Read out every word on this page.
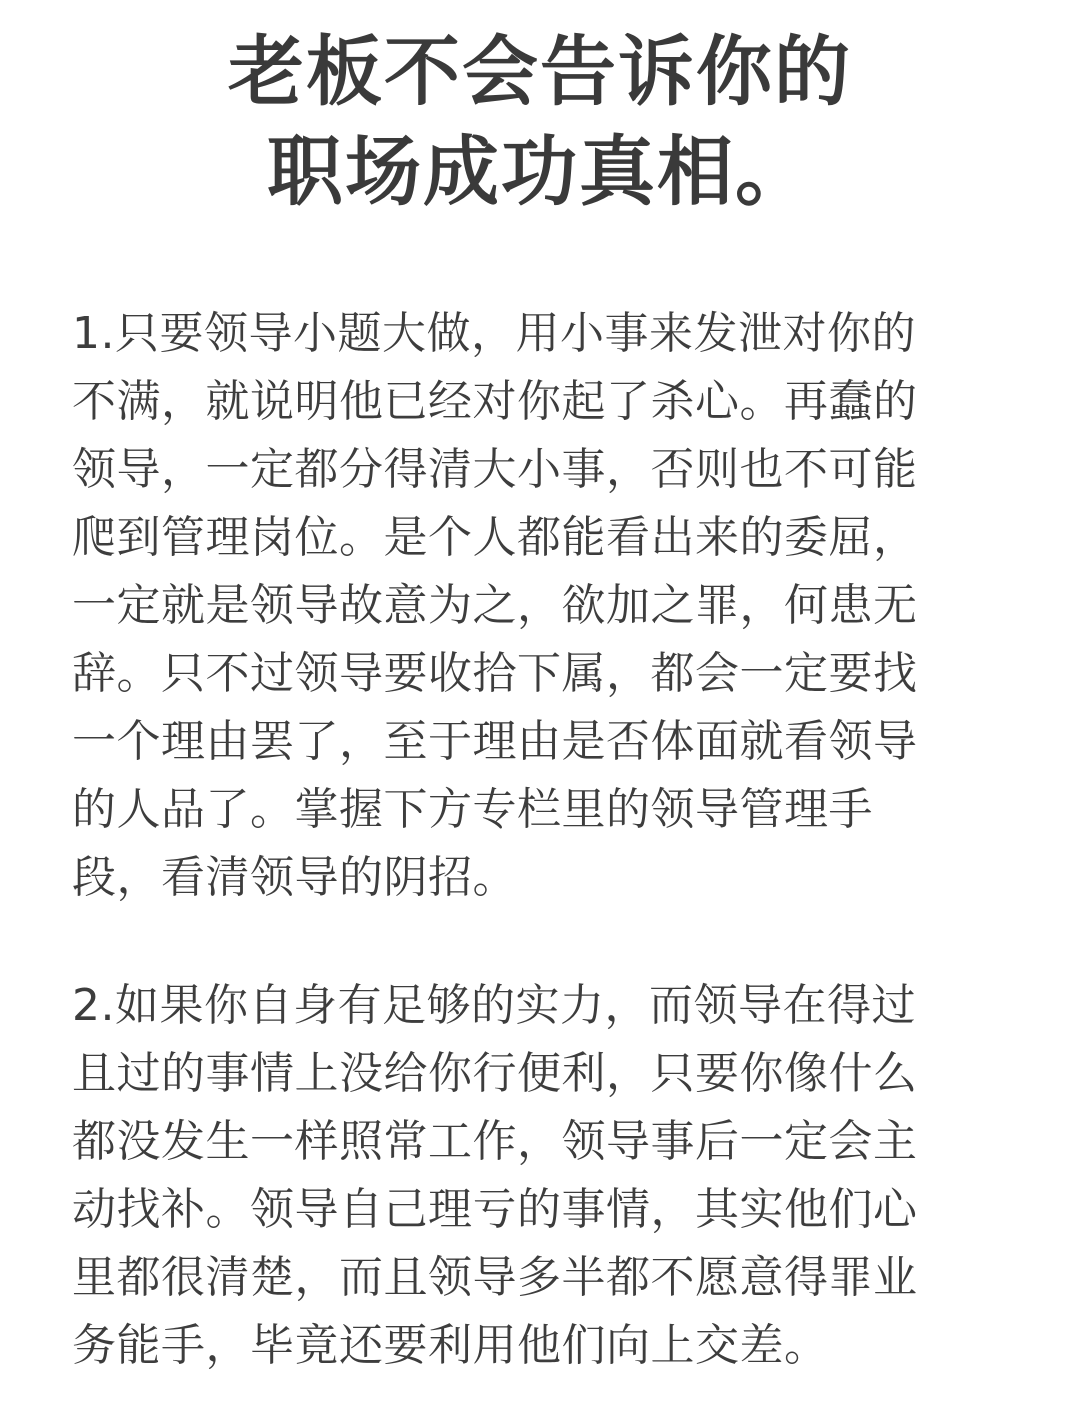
老板不会告诉你的
职场成功真相。
1.只要领导小题大做，用小事来发泄对你的
不满，就说明他已经对你起了杀心。再蠢的
领导，一定都分得清大小事，否则也不可能
爬到管理岗位。是个人都能看出来的委屈，
一定就是领导故意为之，欲加之罪，何患无
辞。只不过领导要收拾下属，都会一定要找
一个理由罢了，至于理由是否体面就看领导
的人品了。掌握下方专栏里的领导管理手
段，看清领导的阴招。
2.如果你自身有足够的实力，而领导在得过
且过的事情上没给你行便利，只要你像什么
都没发生一样照常工作，领导事后一定会主
动找补。领导自己理亏的事情，其实他们心
里都很清楚，而且领导多半都不愿意得罪业
务能手，毕竟还要利用他们向上交差。
